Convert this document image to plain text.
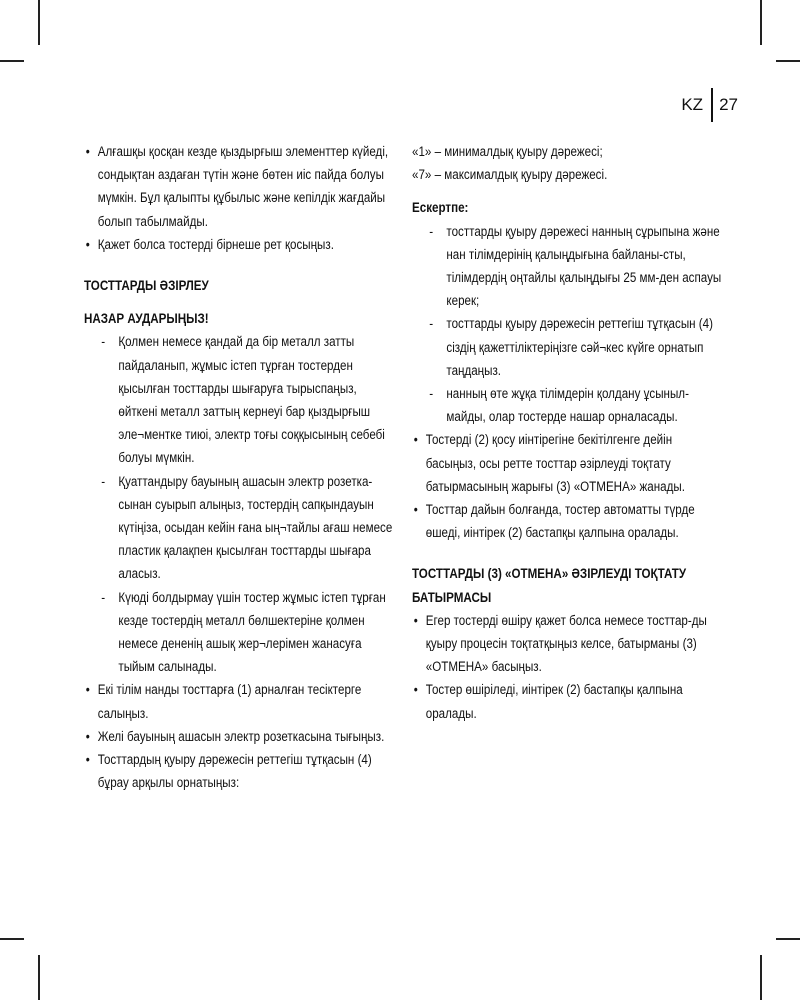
KZ 27
• Алғашқы қосқан кезде қыздырғыш элементтер күйеді, сондықтан аздаған түтін және бөтен иіс пайда болуы мүмкін. Бұл қалыпты құбылыс және кепілдік жағдайы болып табылмайды.
• Қажет болса тостерді бірнеше рет қосыңыз.

ТОСТТАРДЫ ӘЗІРЛЕУ

НАЗАР АУДАРЫҢЫЗ!

- Қолмен немесе қандай да бір металл затты пайдаланып, жұмыс істеп тұрған тостерден қысылған тосттарды шығаруға тырыспаңыз, өйткені металл заттың кернеуі бар қыздырғыш эле¬ментке тиюі, электр тоғы соққысының себебі болуы мүмкін.
- Қуаттандыру бауының ашасын электр розетка-сынан суырып алыңыз, тостердің сапқындауын күтіңіза, осыдан кейін ғана ың¬тайлы ағаш немесе пластик қалақпен қысылған тосттарды шығара аласыз.
- Күюді болдырмау үшін тостер жұмыс істеп тұрған кезде тостердің металл бөлшектеріне қолмен немесе дененің ашық жер¬лерімен жанасуға тыйым салынады.
• Екі тілім нанды тосттарға (1) арналған тесіктерге салыңыз.
• Желі бауының ашасын электр розеткасына тығыңыз.
• Тосттардың қуыру дәрежесін реттегіш тұтқасын (4) бұрау арқылы орнатыңыз:

«1» – минималдық қуыру дәрежесі;

«7» – максималдық қуыру дәрежесі.

Ескертпе:

- тосттарды қуыру дәрежесі нанның сұрыпына және нан тілімдерінің қалыңдығына байланы-сты, тілімдердің оңтайлы қалыңдығы 25 мм-ден аспауы керек;
- тосттарды қуыру дәрежесін реттегіш тұтқасын (4) сіздің қажеттіліктеріңізге сәй¬кес күйге орнатып таңдаңыз.
- нанның өте жұқа тілімдерін қолдану ұсыныл-майды, олар тостерде нашар орналасады.
• Тостерді (2) қосу иінтірегіне бекітілгенге дейін басыңыз, осы ретте тосттар әзірлеуді тоқтату батырмасының жарығы (3) «ОТМЕНА» жанады.
• Тосттар дайын болғанда, тостер автоматты түрде өшеді, иінтірек (2) бастапқы қалпына оралады.

ТОСТТАРДЫ (3) «ОТМЕНА» ӘЗІРЛЕУДІ ТОҚТАТУ БАТЫРМАСЫ

• Егер тостерді өшіру қажет болса немесе тосттар-ды қуыру процесін тоқтатқыңыз келсе, батырманы (3) «ОТМЕНА» басыңыз.
• Тостер өшіріледі, иінтірек (2) бастапқы қалпына оралады.
